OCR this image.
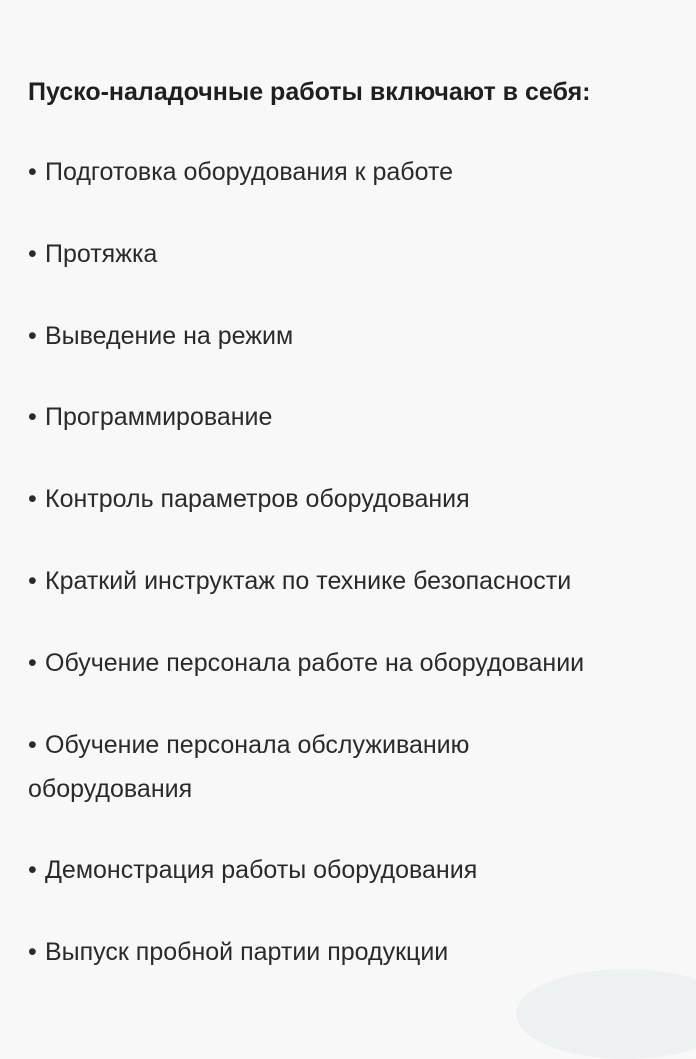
Пуско-наладочные работы включают в себя:
• Подготовка оборудования к работе
• Протяжка
• Выведение на режим
• Программирование
• Контроль параметров оборудования
• Краткий инструктаж по технике безопасности
• Обучение персонала работе на оборудовании
• Обучение персонала обслуживанию оборудования
• Демонстрация работы оборудования
• Выпуск пробной партии продукции
